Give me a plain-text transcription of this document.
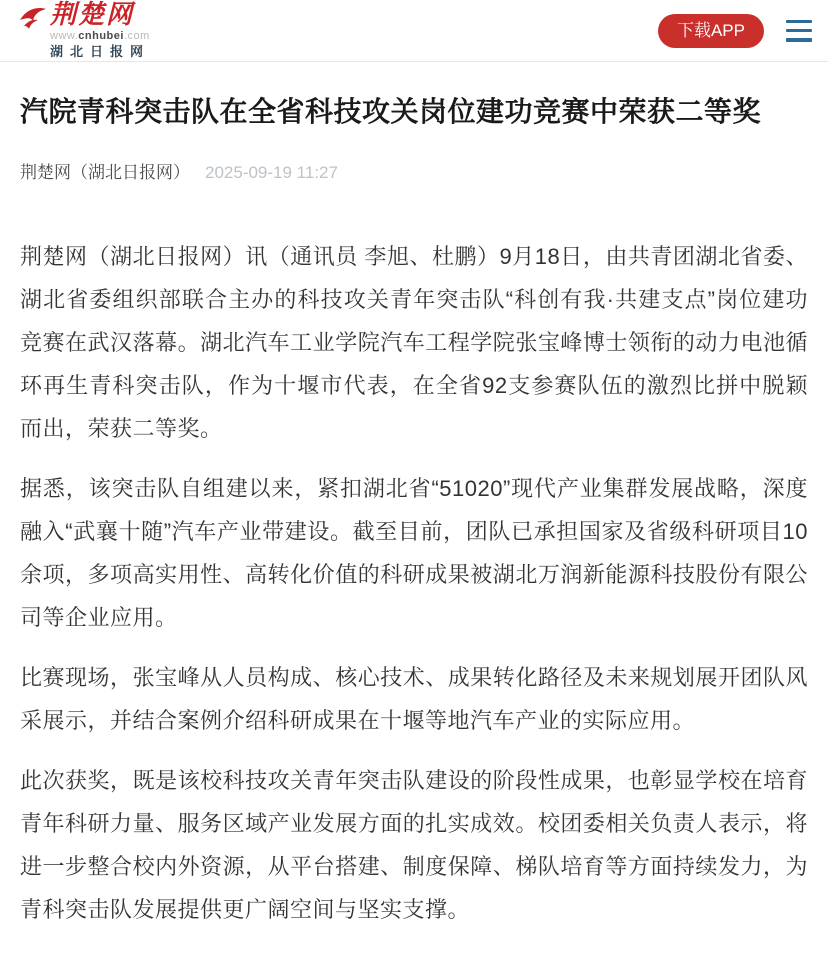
荆楚网
www.cnhubei.com
湖北日报网
下载APP
汽院青科突击队在全省科技攻关岗位建功竞赛中荣获二等奖
荆楚网（湖北日报网） 2025-09-19 11:27

荆楚网（湖北日报网）讯（通讯员 李旭、杜鹏）9月18日，由共青团湖北省委、湖北省委组织部联合主办的科技攻关青年突击队“科创有我·共建支点”岗位建功竞赛在武汉落幕。湖北汽车工业学院汽车工程学院张宝峰博士领衔的动力电池循环再生青科突击队，作为十堰市代表，在全省92支参赛队伍的激烈比拼中脱颖而出，荣获二等奖。

据悉，该突击队自组建以来，紧扣湖北省“51020”现代产业集群发展战略，深度融入“武襄十随”汽车产业带建设。截至目前，团队已承担国家及省级科研项目10余项，多项高实用性、高转化价值的科研成果被湖北万润新能源科技股份有限公司等企业应用。

比赛现场，张宝峰从人员构成、核心技术、成果转化路径及未来规划展开团队风采展示，并结合案例介绍科研成果在十堰等地汽车产业的实际应用。

此次获奖，既是该校科技攻关青年突击队建设的阶段性成果，也彰显学校在培育青年科研力量、服务区域产业发展方面的扎实成效。校团委相关负责人表示，将进一步整合校内外资源，从平台搭建、制度保障、梯队培育等方面持续发力，为青科突击队发展提供更广阔空间与坚实支撑。
